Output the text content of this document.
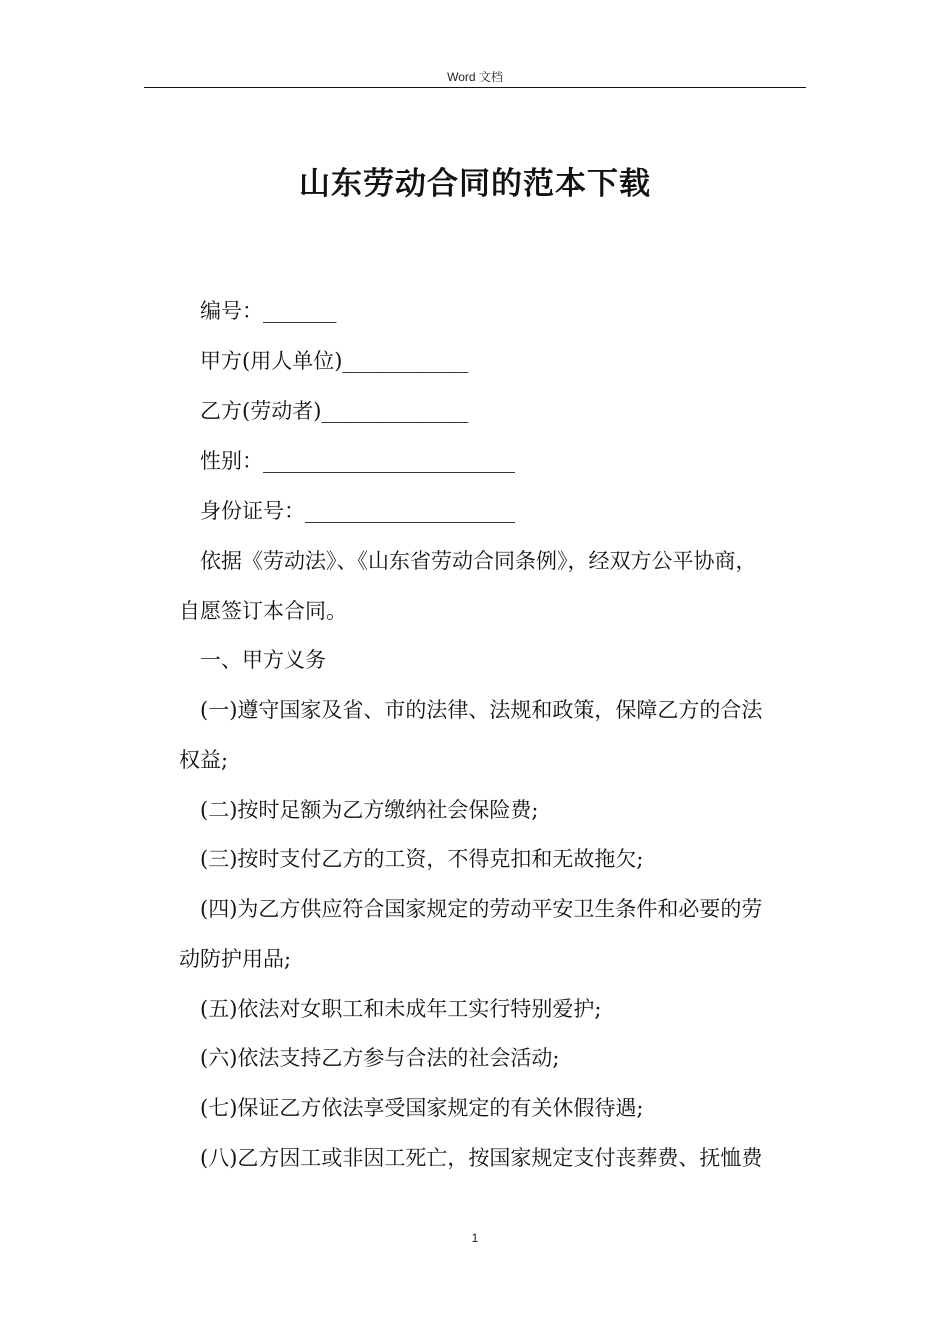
Word 文档
山东劳动合同的范本下载
编号：_______
甲方(用人单位)____________
乙方(劳动者)______________
性别：________________________
身份证号：____________________
依据《劳动法》、《山东省劳动合同条例》，经双方公平协商，
自愿签订本合同。
一、甲方义务
(一)遵守国家及省、市的法律、法规和政策，保障乙方的合法
权益;
(二)按时足额为乙方缴纳社会保险费;
(三)按时支付乙方的工资，不得克扣和无故拖欠;
(四)为乙方供应符合国家规定的劳动平安卫生条件和必要的劳
动防护用品;
(五)依法对女职工和未成年工实行特别爱护;
(六)依法支持乙方参与合法的社会活动;
(七)保证乙方依法享受国家规定的有关休假待遇;
(八)乙方因工或非因工死亡，按国家规定支付丧葬费、抚恤费
1
